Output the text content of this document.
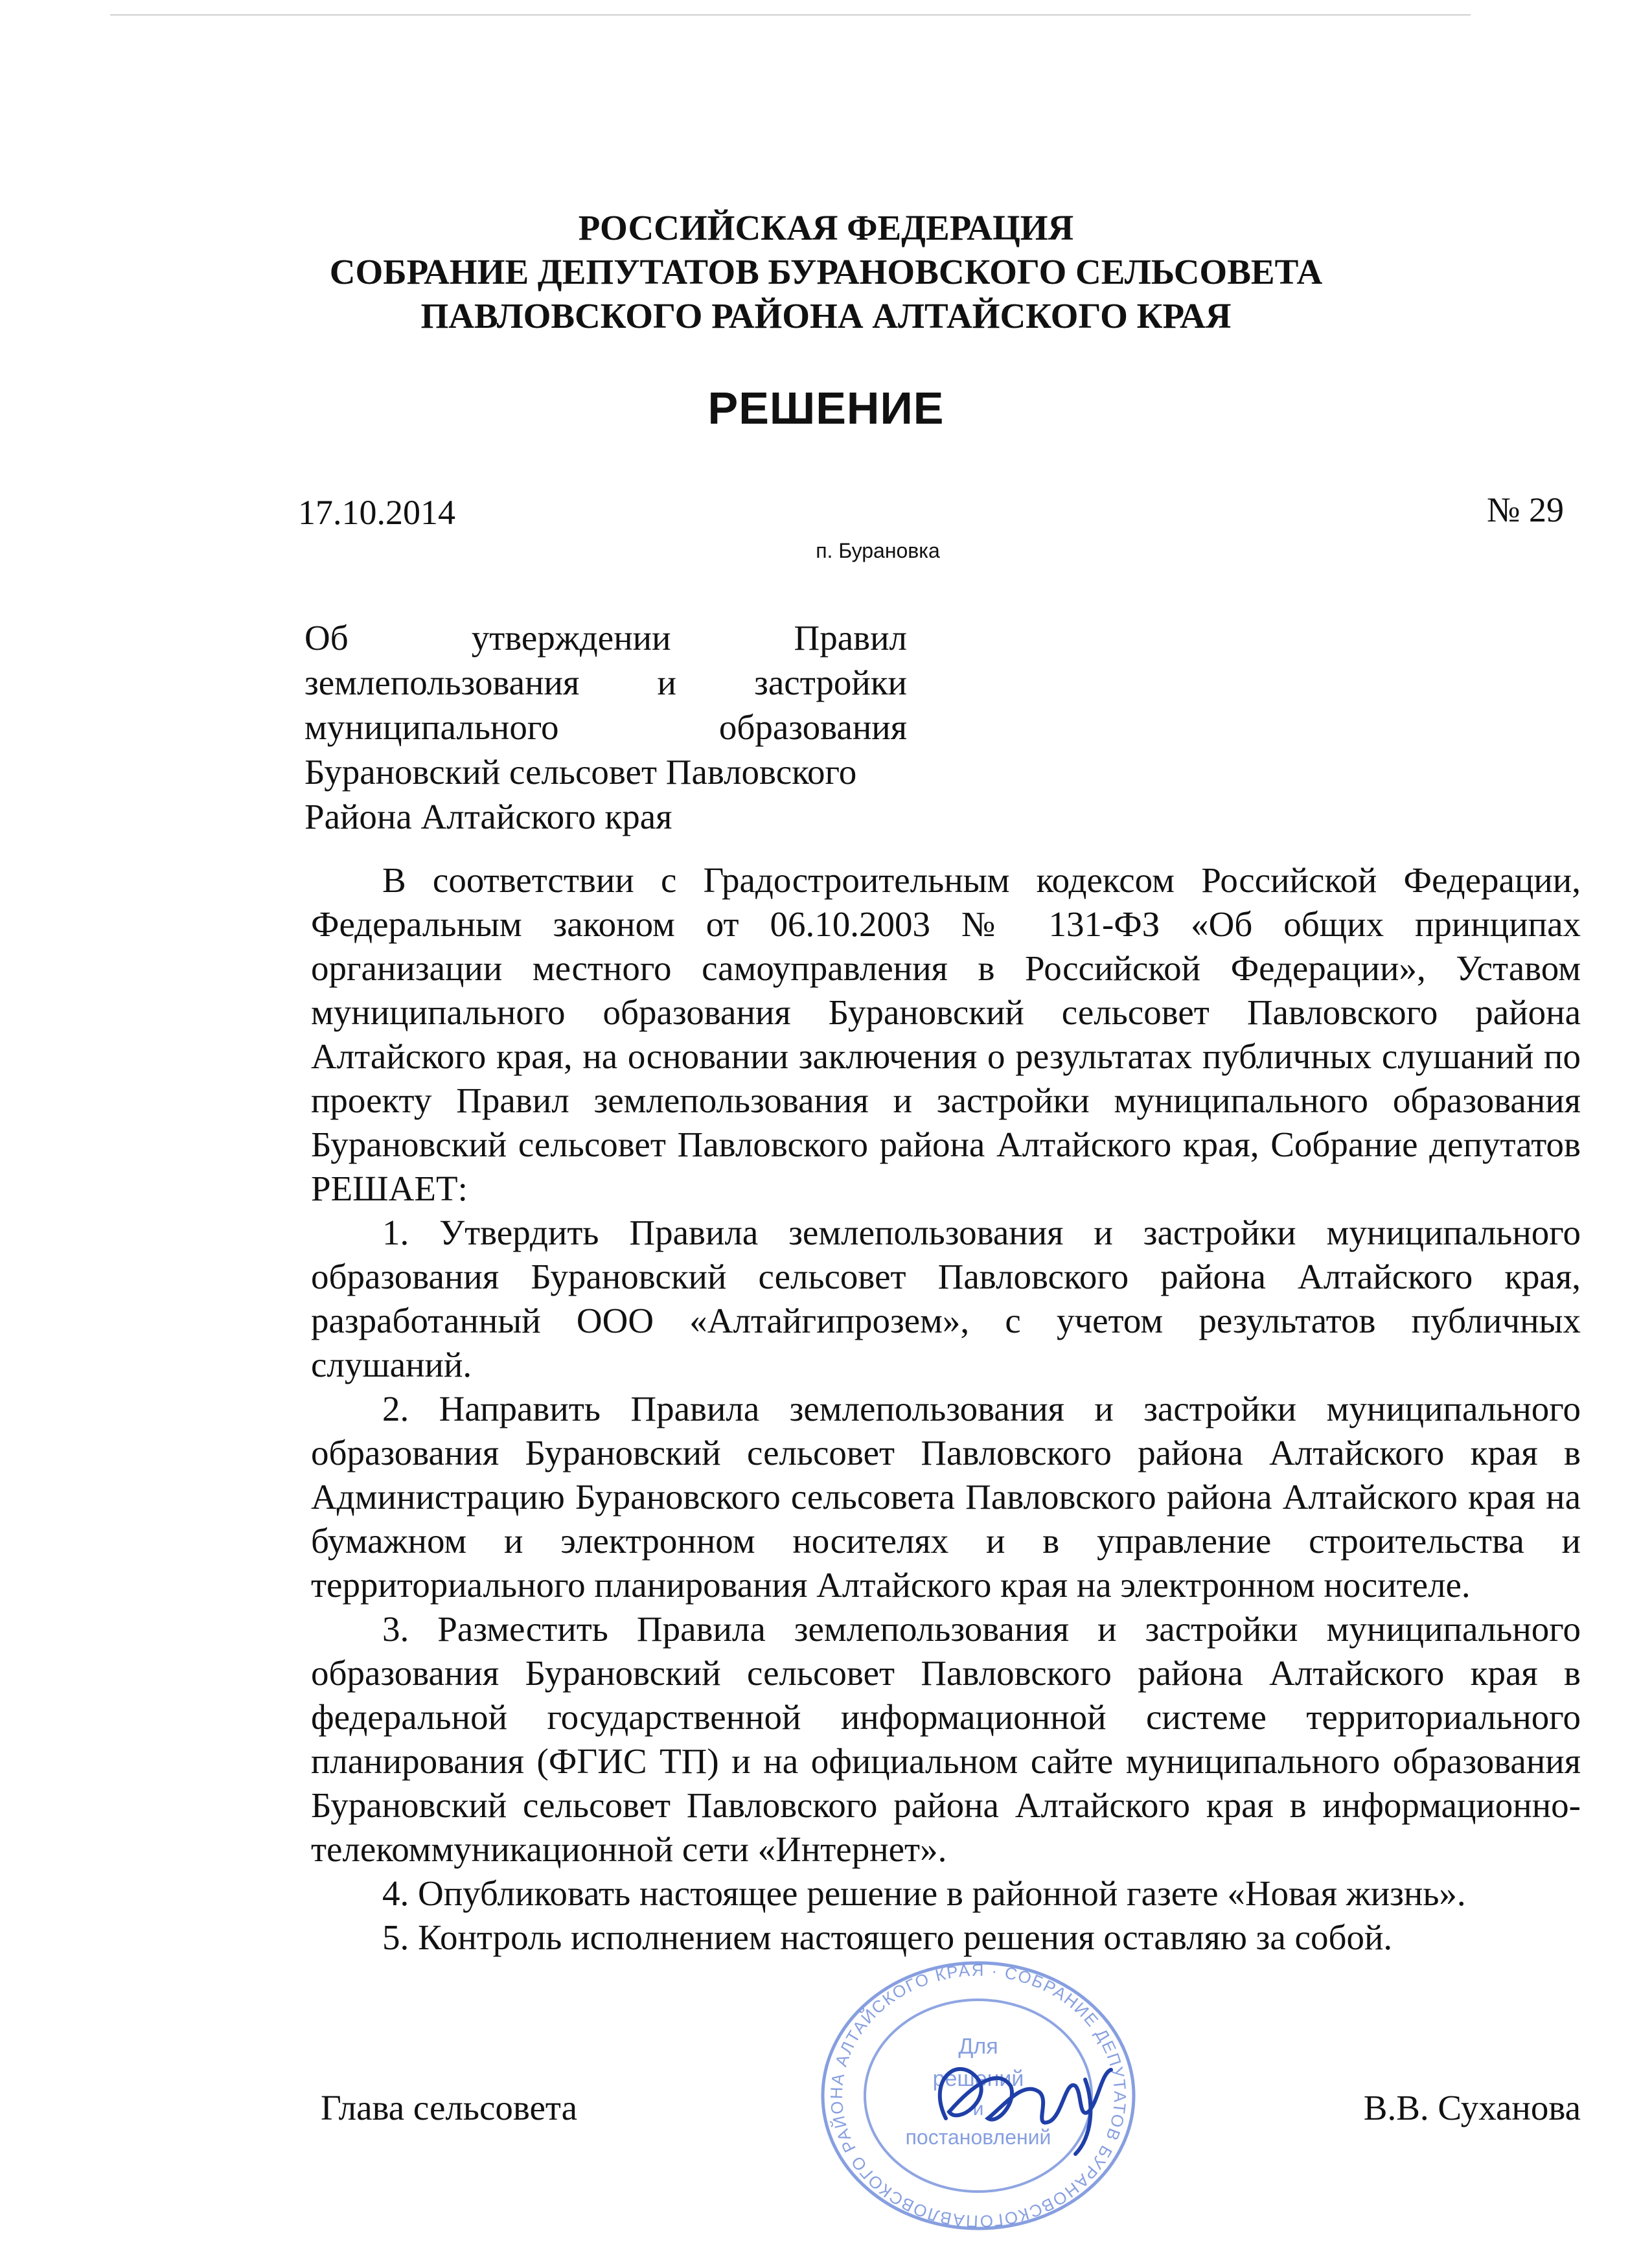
РОССИЙСКАЯ ФЕДЕРАЦИЯ
СОБРАНИЕ ДЕПУТАТОВ БУРАНОВСКОГО СЕЛЬСОВЕТА
ПАВЛОВСКОГО РАЙОНА АЛТАЙСКОГО КРАЯ
РЕШЕНИЕ
17.10.2014	№ 29
п. Бурановка
Об утверждении Правил
землепользования и застройки
муниципального образования
Бурановский сельсовет Павловского
Района Алтайского края

В соответствии с Градостроительным кодексом Российской Федерации, Федеральным законом от 06.10.2003 № 131-ФЗ «Об общих принципах организации местного самоуправления в Российской Федерации», Уставом муниципального образования Бурановский сельсовет Павловского района Алтайского края, на основании заключения о результатах публичных слушаний по проекту Правил землепользования и застройки муниципального образования Бурановский сельсовет Павловского района Алтайского края, Собрание депутатов РЕШАЕТ:

1. Утвердить Правила землепользования и застройки муниципального образования Бурановский сельсовет Павловского района Алтайского края, разработанный ООО «Алтайгипрозем», с учетом результатов публичных слушаний.

2. Направить Правила землепользования и застройки муниципального образования Бурановский сельсовет Павловского района Алтайского края в Администрацию Бурановского сельсовета Павловского района Алтайского края на бумажном и электронном носителях и в управление строительства и территориального планирования Алтайского края на электронном носителе.

3. Разместить Правила землепользования и застройки муниципального образования Бурановский сельсовет Павловского района Алтайского края в федеральной государственной информационной системе территориального планирования (ФГИС ТП) и на официальном сайте муниципального образования Бурановский сельсовет Павловского района Алтайского края в информационно-телекоммуникационной сети «Интернет».

4. Опубликовать настоящее решение в районной газете «Новая жизнь».

5. Контроль исполнением настоящего решения оставляю за собой.

ПАВЛОВСКОГО РАЙОНА АЛТАЙСКОГО КРАЯ · СОБРАНИЕ ДЕПУТАТОВ БУРАНОВСКОГО
Для
решений
и
постановлений
Глава сельсовета	В.В. Суханова
